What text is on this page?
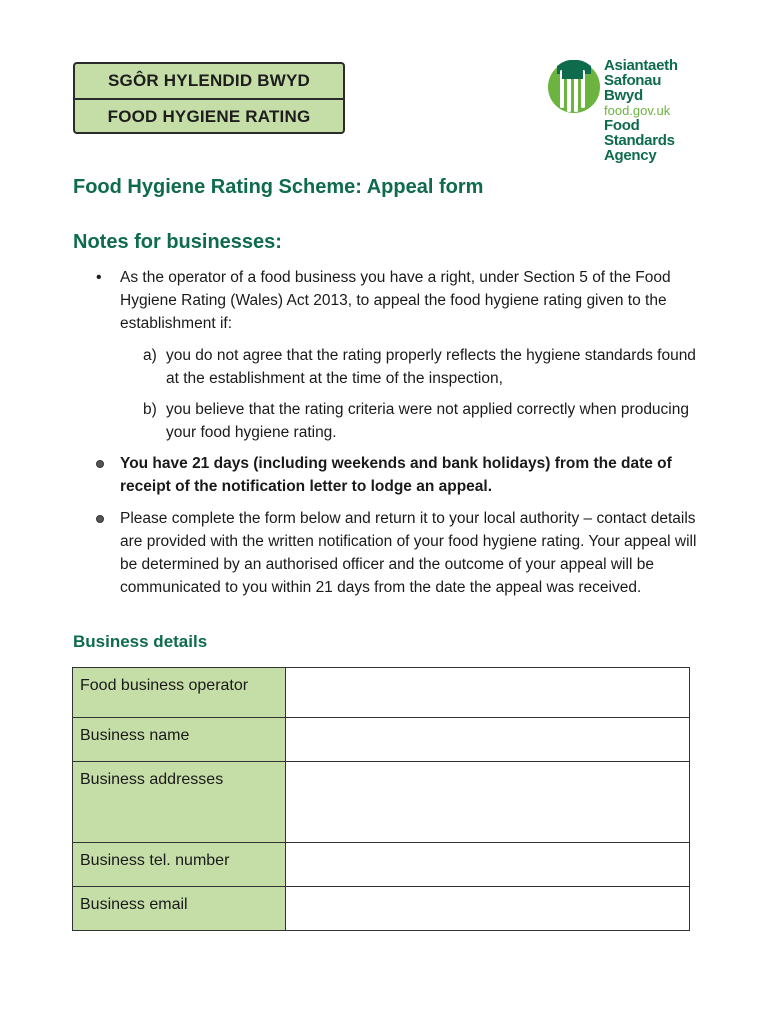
SGÔR HYLENDID BWYD
FOOD HYGIENE RATING
Asiantaeth
Safonau
Bwyd
food.gov.uk
Food
Standards
Agency
Food Hygiene Rating Scheme: Appeal form
Notes for businesses:
•

As the operator of a food business you have a right, under Section 5 of the Food Hygiene Rating (Wales) Act 2013, to appeal the food hygiene rating given to the establishment if:

a) you do not agree that the rating properly reflects the hygiene standards found at the establishment at the time of the inspection,

b) you believe that the rating criteria were not applied correctly when producing your food hygiene rating.

You have 21 days (including weekends and bank holidays) from the date of receipt of the notification letter to lodge an appeal.

Please complete the form below and return it to your local authority – contact details are provided with the written notification of your food hygiene rating. Your appeal will be determined by an authorised officer and the outcome of your appeal will be communicated to you within 21 days from the date the appeal was received.

Business details
Food business operator	
Business name	
Business addresses	
Business tel. number	
Business email	
